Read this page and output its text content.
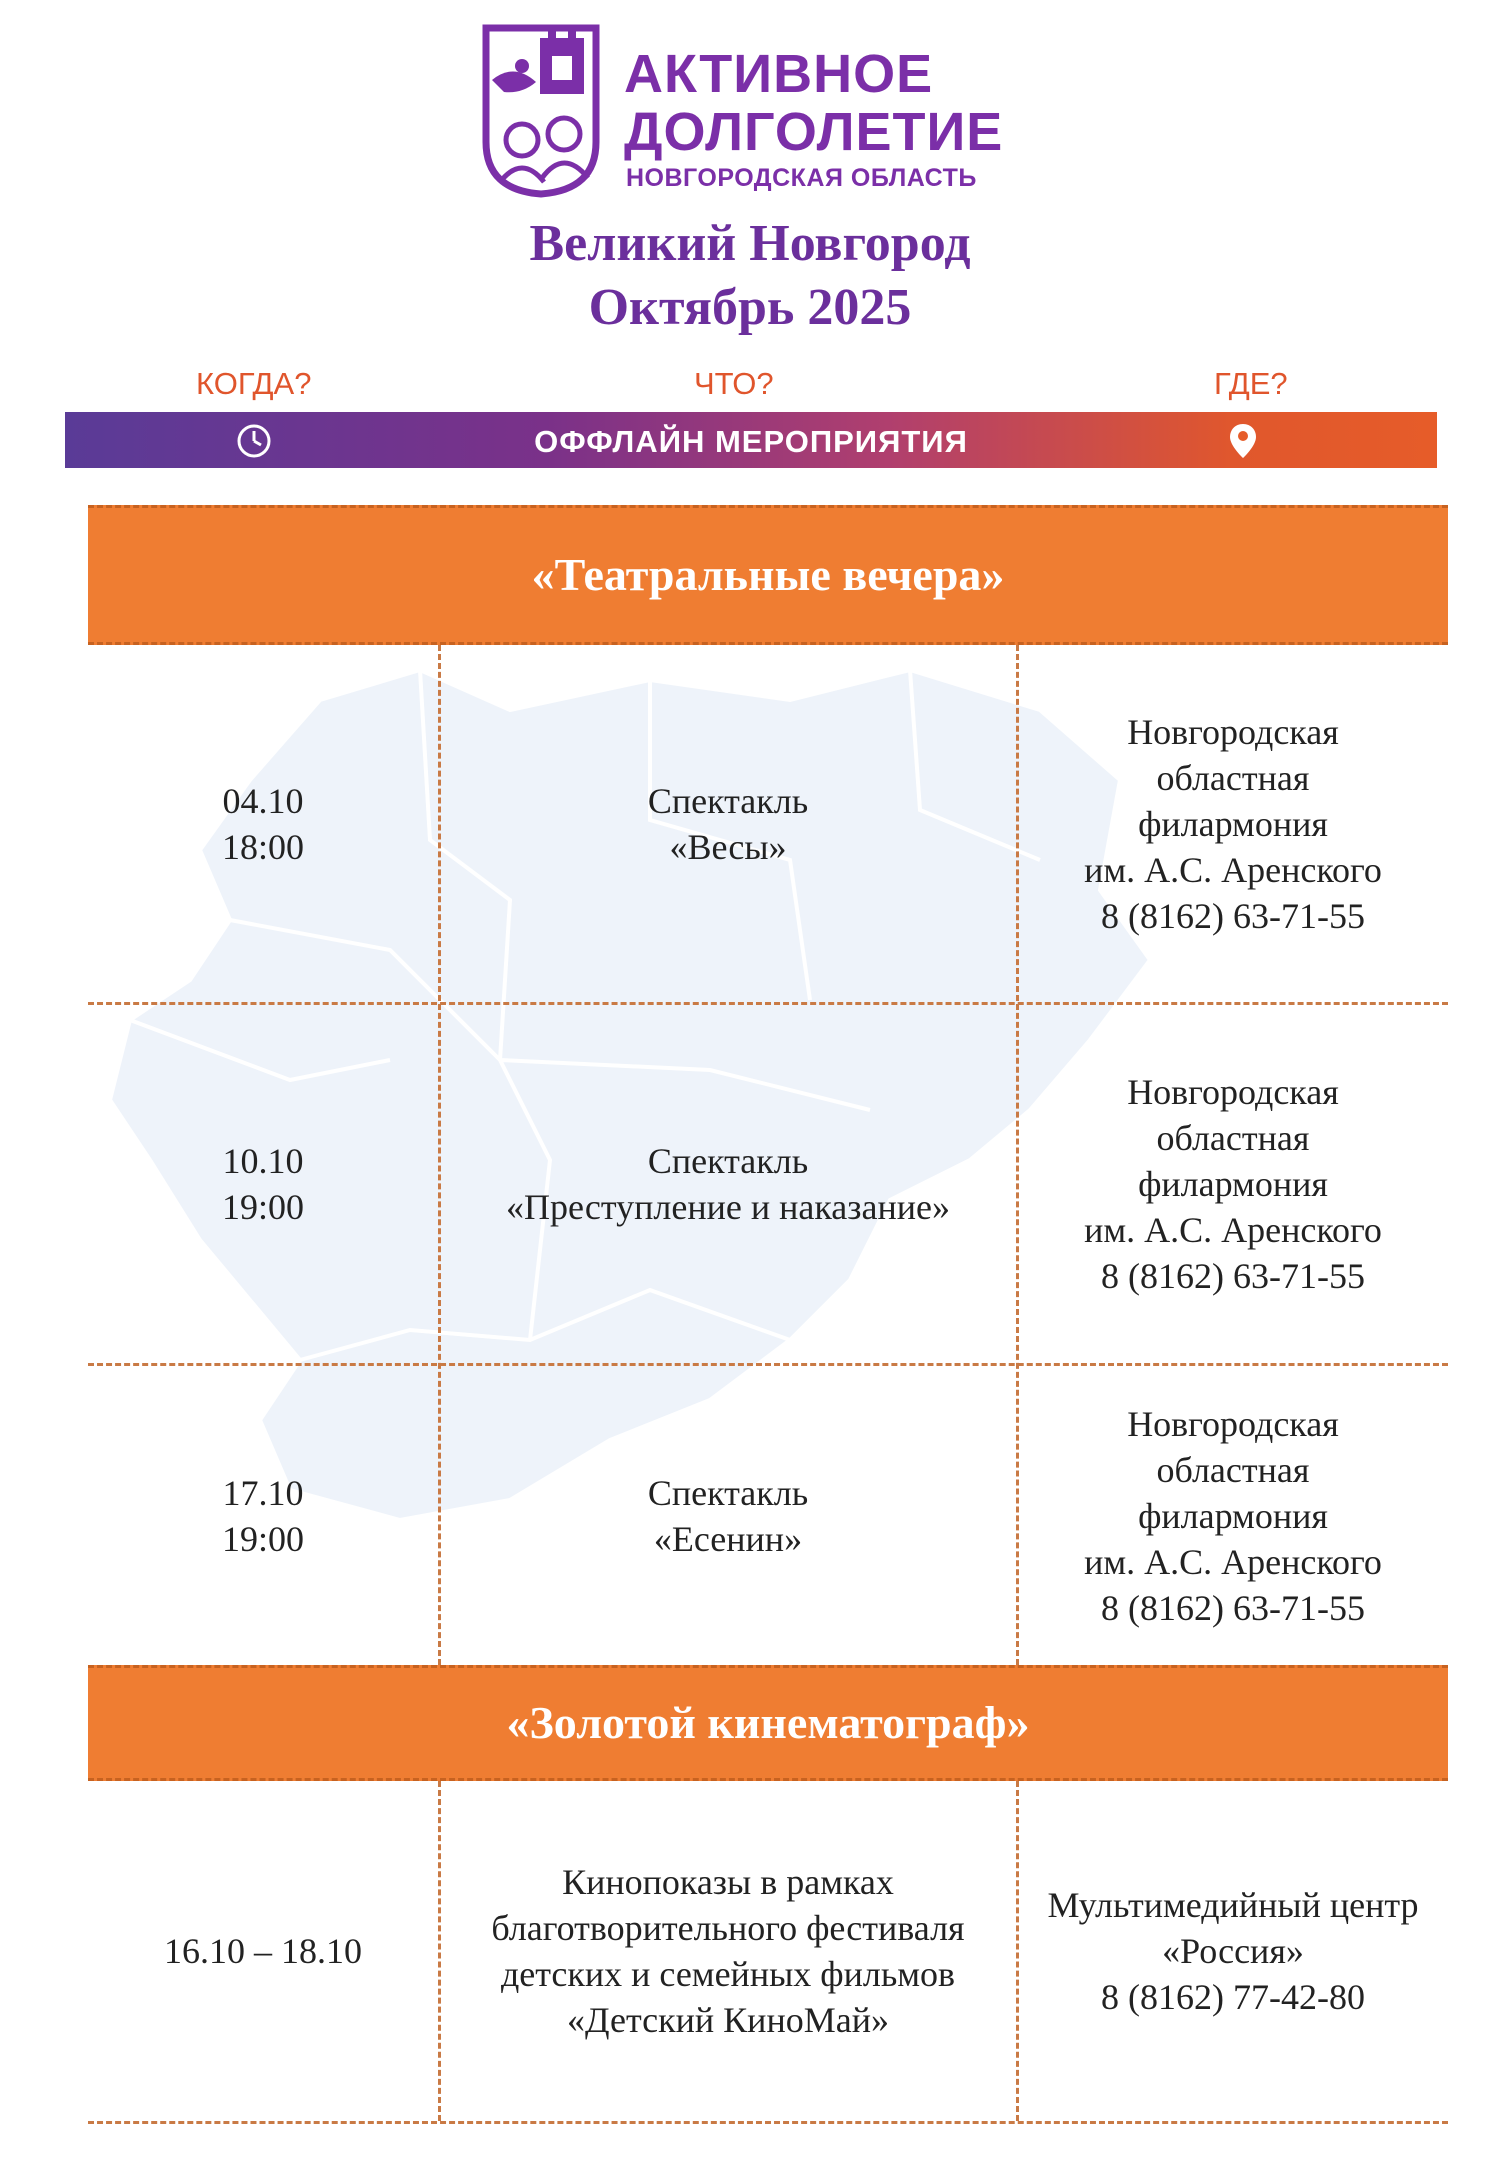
АКТИВНОЕ
ДОЛГОЛЕТИЕ
НОВГОРОДСКАЯ ОБЛАСТЬ
Великий Новгород
Октябрь 2025
КОГДА?	ЧТО?	ГДЕ?
ОФФЛАЙН МЕРОПРИЯТИЯ
«Театральные вечера»
04.10
18:00
Спектакль
«Весы»
Новгородская
областная
филармония
им. А.С. Аренского
8 (8162) 63-71-55
10.10
19:00
Спектакль
«Преступление и наказание»
Новгородская
областная
филармония
им. А.С. Аренского
8 (8162) 63-71-55
17.10
19:00
Спектакль
«Есенин»
Новгородская
областная
филармония
им. А.С. Аренского
8 (8162) 63-71-55
«Золотой кинематограф»
16.10 – 18.10
Кинопоказы в рамках
благотворительного фестиваля
детских и семейных фильмов
«Детский КиноМай»
Мультимедийный центр
«Россия»
8 (8162) 77-42-80
